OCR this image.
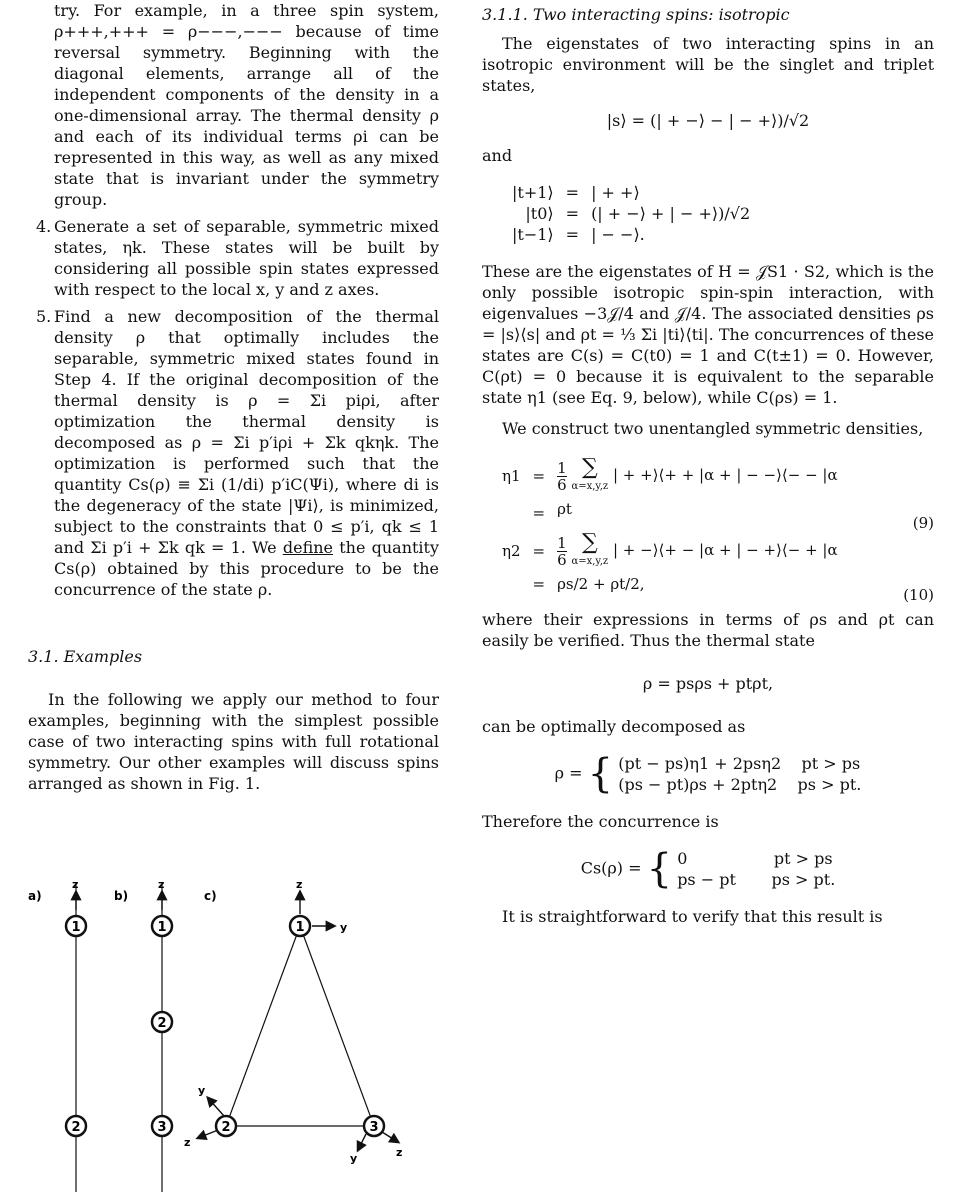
try. For example, in a three spin system, ρ+++,+++ = ρ−−−,−−− because of time reversal symmetry. Beginning with the diagonal elements, arrange all of the independent components of the density in a one-dimensional array. The thermal density ρ and each of its individual terms ρi can be represented in this way, as well as any mixed state that is invariant under the symmetry group.

4. Generate a set of separable, symmetric mixed states, ηk. These states will be built by considering all possible spin states expressed with respect to the local x, y and z axes.
5. Find a new decomposition of the thermal density ρ that optimally includes the separable, symmetric mixed states found in Step 4. If the original decomposition of the thermal density is ρ = Σi piρi, after optimization the thermal density is decomposed as ρ = Σi p′iρi + Σk qkηk. The optimization is performed such that the quantity Cs(ρ) ≡ Σi (1/di) p′iC(Ψi), where di is the degeneracy of the state |Ψi⟩, is minimized, subject to the constraints that 0 ≤ p′i, qk ≤ 1 and Σi p′i + Σk qk = 1. We define the quantity Cs(ρ) obtained by this procedure to be the concurrence of the state ρ.
3.1. Examples

In the following we apply our method to four examples, beginning with the simplest possible case of two interacting spins with full rotational symmetry. Our other examples will discuss spins arranged as shown in Fig. 1.

a)
z
1
2
b)
z
1
2
3
c)
z
y
1
y
z
2
y	z
3
3.1.1. Two interacting spins: isotropic

The eigenstates of two interacting spins in an isotropic environment will be the singlet and triplet states,

|s⟩ = (| + −⟩ − | − +⟩)/√2

and

|t+1⟩	=	| + +⟩
|t0⟩	=	(| + −⟩ + | − +⟩)/√2
|t−1⟩	=	| − −⟩.

These are the eigenstates of H = 𝒥S1 · S2, which is the only possible isotropic spin-spin interaction, with eigenvalues −3𝒥/4 and 𝒥/4. The associated densities ρs = |s⟩⟨s| and ρt = ⅓ Σi |ti⟩⟨ti|. The concurrences of these states are C(s) = C(t0) = 1 and C(t±1) = 0. However, C(ρt) = 0 because it is equivalent to the separable state η1 (see Eq. 9, below), while C(ρs) = 1.

We construct two unentangled symmetric densities,

η1	=	$\frac{1}{6}$
∑
α=x,y,z
| + +⟩⟨+ + |α + | − −⟩⟨− − |α
	=	ρt
η2	=	$\frac{1}{6}$
∑
α=x,y,z
| + −⟩⟨+ − |α + | − +⟩⟨− + |α
	=	ρs/2 + ρt/2,
(9)
(10)

where their expressions in terms of ρs and ρt can easily be verified. Thus the thermal state

ρ = psρs + ptρt,

can be optimally decomposed as

ρ = { (pt − ps)η1 + 2psη2    pt > ps
(ps − pt)ρs + 2ptη2    ps > pt.

Therefore the concurrence is

Cs(ρ) = { 0                 pt > ps
ps − pt       ps > pt.

It is straightforward to verify that this result is
